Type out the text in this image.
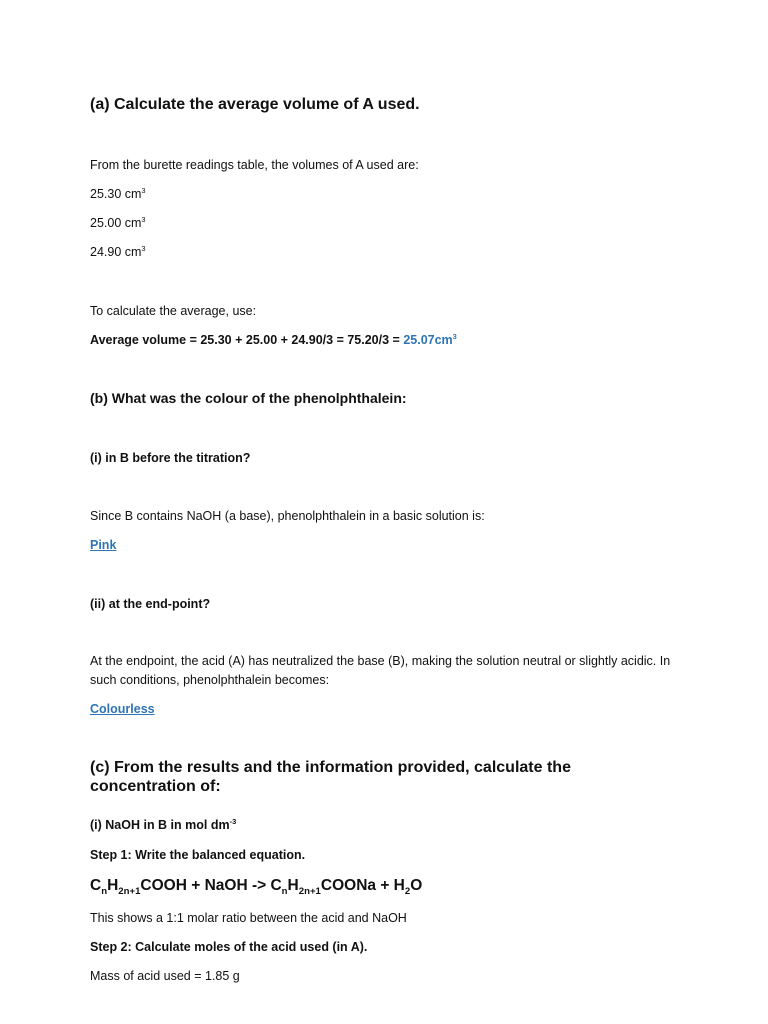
(a) Calculate the average volume of A used.
From the burette readings table, the volumes of A used are:
25.30 $cm^3$
25.00 $cm^3$
24.90 $cm^3$
To calculate the average, use:
Average volume = $25.30 + 25.00 + 24.90/3 = 75.20/3 = 25.07cm^3$
(b) What was the colour of the phenolphthalein:
(i) in B before the titration?
Since B contains NaOH (a base), phenolphthalein in a basic solution is:
Pink
(ii) at the end-point?
At the endpoint, the acid (A) has neutralized the base (B), making the solution neutral or slightly acidic. In such conditions, phenolphthalein becomes:
Colourless
(c) From the results and the information provided, calculate the concentration of:
(i) NaOH in B in mol $dm^{-3}$
Step 1: Write the balanced equation.
$C_nH_{2n+1}COOH$ + NaOH -> $C_nH_{2n+1}COONa + H_2O$
This shows a 1:1 molar ratio between the acid and NaOH
Step 2: Calculate moles of the acid used (in A).
Mass of acid used = 1.85 g
